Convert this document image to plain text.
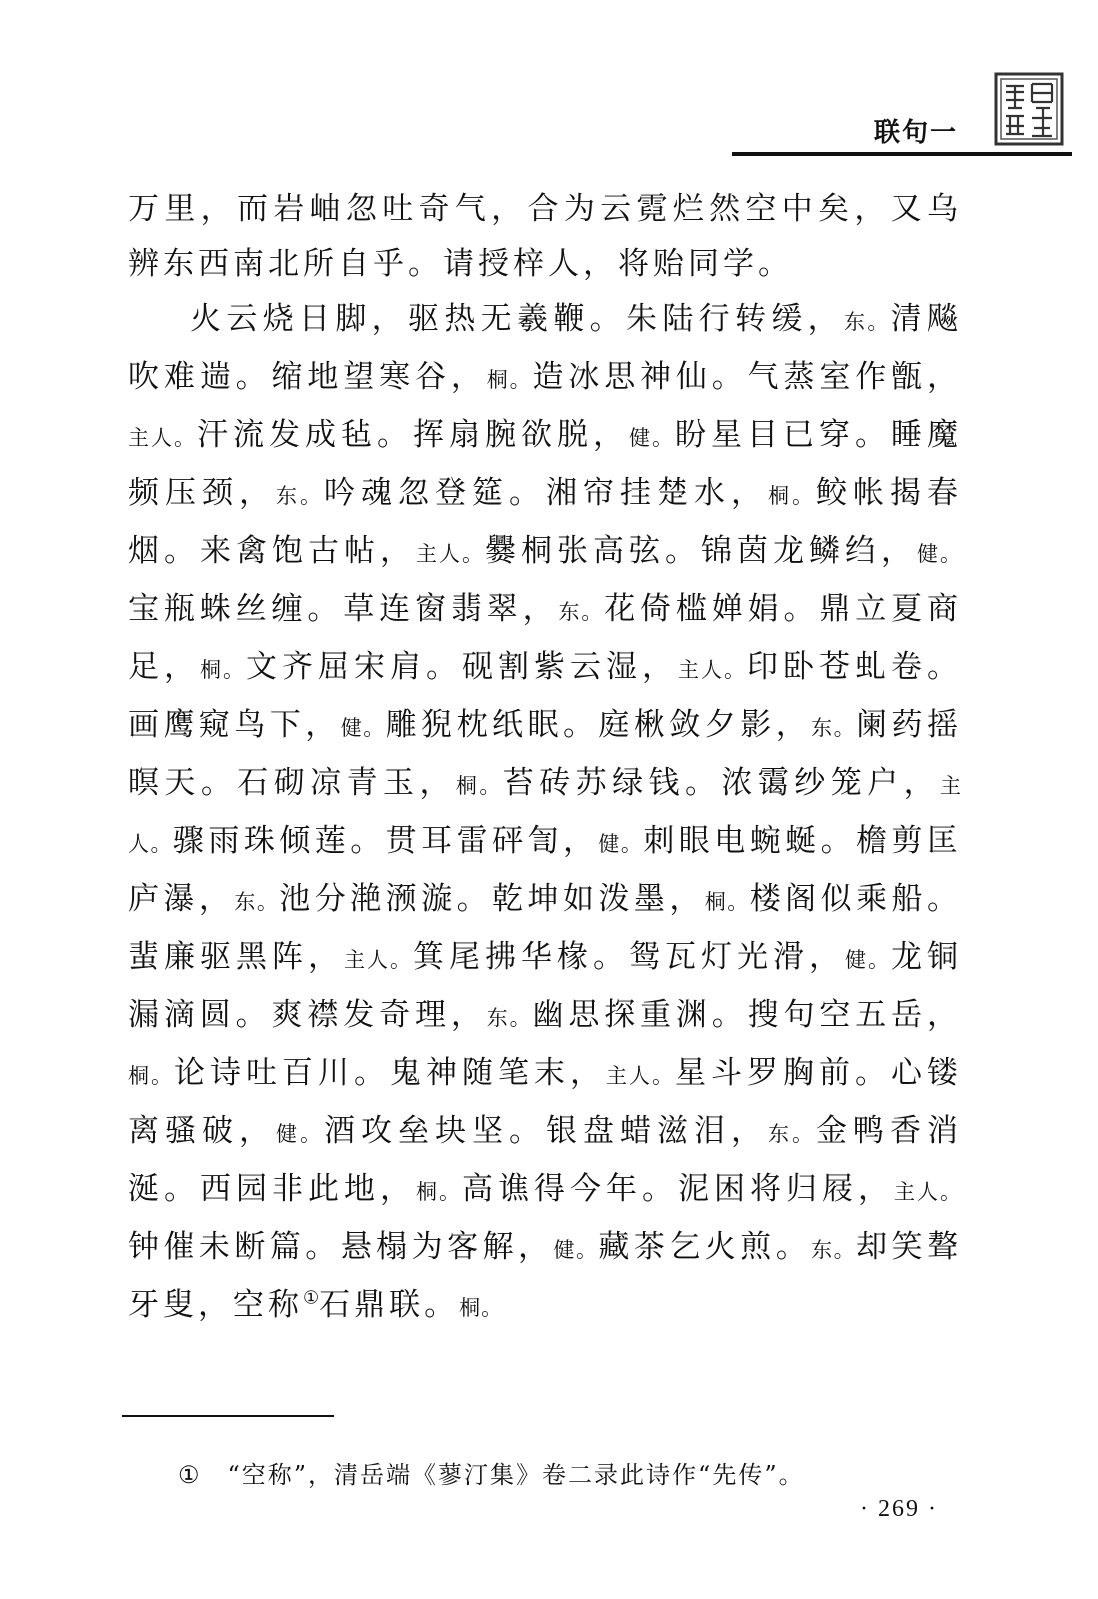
联句一

万里，而岩岫忽吐奇气，合为云霓烂然空中矣，又乌辨东西南北所自乎。请授梓人，将贻同学。

火云烧日脚，驱热无羲鞭。朱陆行转缓，东。清飚吹难遄。缩地望寒谷，桐。造冰思神仙。气蒸室作甑，主人。汗流发成毡。挥扇腕欲脱，健。盼星目已穿。睡魔频压颈，东。吟魂忽登筵。湘帘挂楚水，桐。鲛帐揭春烟。来禽饱古帖，主人。爨桐张高弦。锦茵龙鳞绉，健。宝瓶蛛丝缠。草连窗翡翠，东。花倚槛婵娟。鼎立夏商足，桐。文齐屈宋肩。砚割紫云湿，主人。印卧苍虬卷。画鹰窥鸟下，健。雕猊枕纸眠。庭楸敛夕影，东。阑药摇暝天。石砌凉青玉，桐。苔砖苏绿钱。浓霭纱笼户，主人。骤雨珠倾莲。贯耳雷砰訇，健。刺眼电蜿蜒。檐剪匡庐瀑，东。池分滟滪漩。乾坤如泼墨，桐。楼阁似乘船。蜚廉驱黑阵，主人。箕尾拂华椽。鸳瓦灯光滑，健。龙铜漏滴圆。爽襟发奇理，东。幽思探重渊。搜句空五岳，桐。论诗吐百川。鬼神随笔末，主人。星斗罗胸前。心镂离骚破，健。酒攻垒块坚。银盘蜡滋泪，东。金鸭香消涎。西园非此地，桐。高谯得今年。泥困将归屐，主人。钟催未断篇。悬榻为客解，健。藏茶乞火煎。东。却笑聱牙叟，空称①石鼎联。桐。

① “空称”，清岳端《蓼汀集》卷二录此诗作“先传”。
· 269 ·
